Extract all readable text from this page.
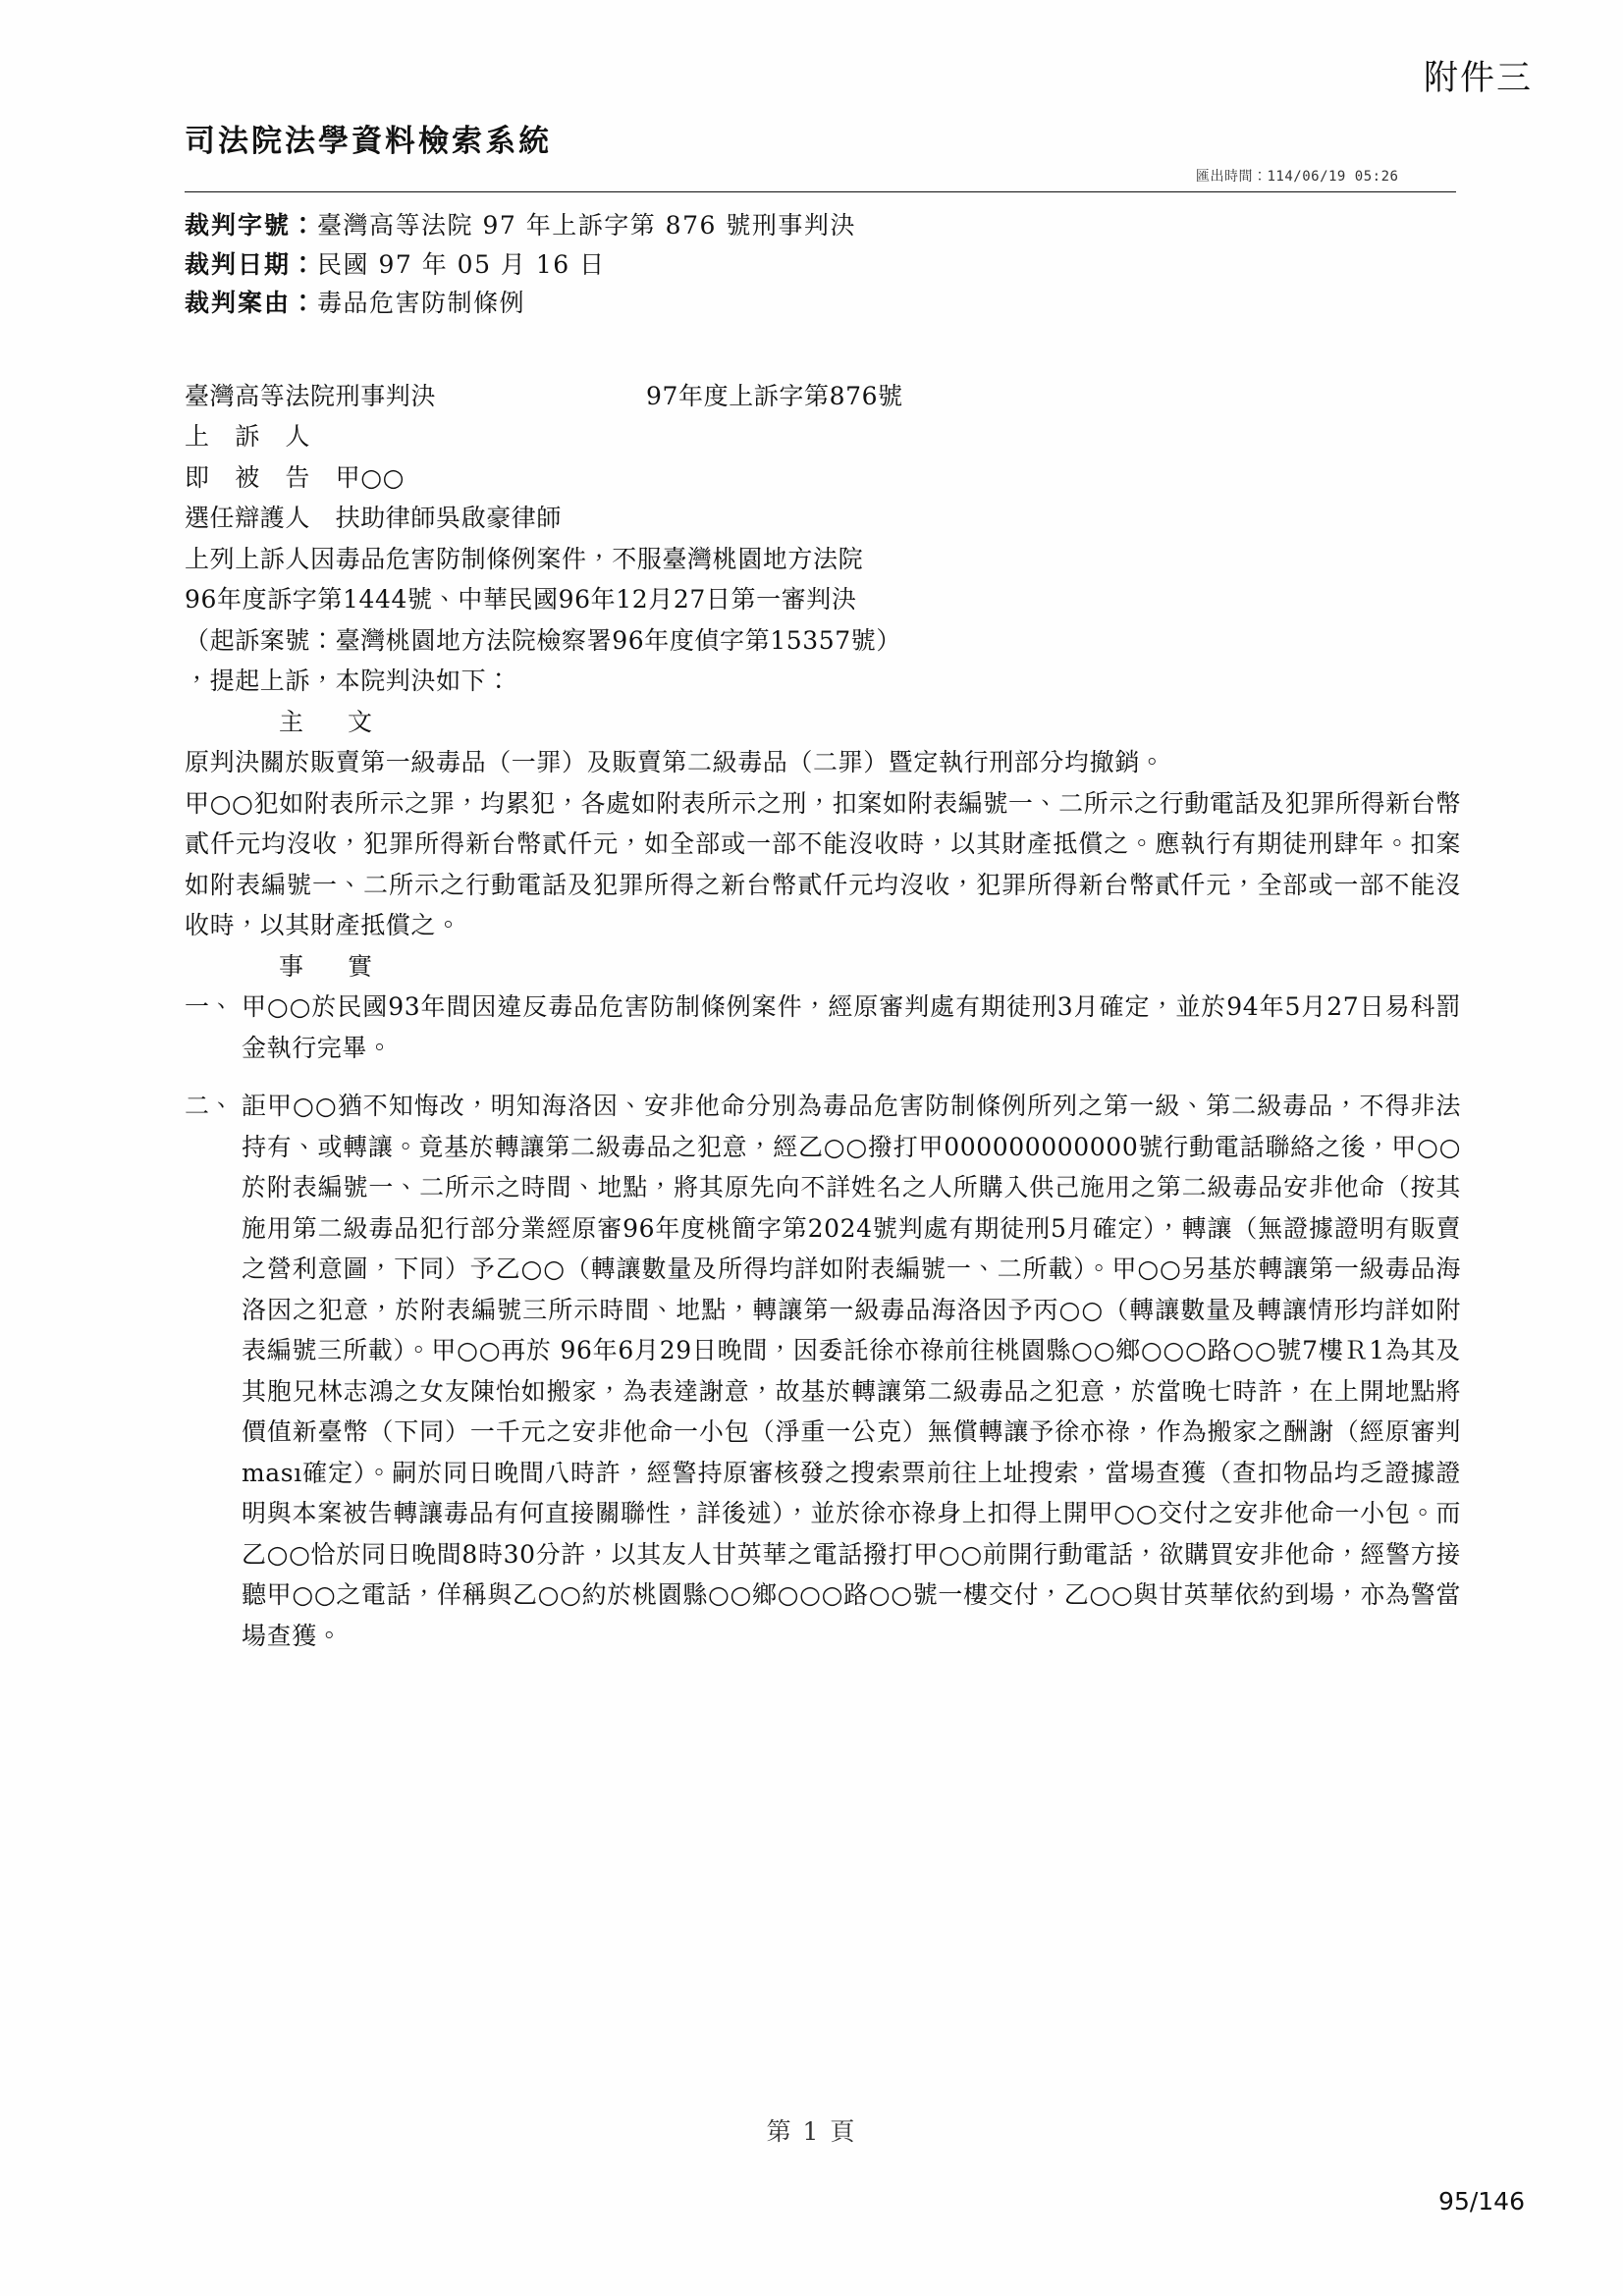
附件三
司法院法學資料檢索系統
匯出時間：114/06/19 05:26
裁判字號：臺灣高等法院 97 年上訴字第 876 號刑事判決
裁判日期：民國 97 年 05 月 16 日
裁判案由：毒品危害防制條例
臺灣高等法院刑事判決	97年度上訴字第876號
上　訴　人
即　被　告　甲○○
選任辯護人　扶助律師吳啟豪律師
上列上訴人因毒品危害防制條例案件，不服臺灣桃園地方法院
96年度訴字第1444號、中華民國96年12月27日第一審判決
（起訴案號：臺灣桃園地方法院檢察署96年度偵字第15357號）
，提起上訴，本院判決如下：
主　文
原判決關於販賣第一級毒品（一罪）及販賣第二級毒品（二罪）暨定執行刑部分均撤銷。
甲○○犯如附表所示之罪，均累犯，各處如附表所示之刑，扣案如附表編號一、二所示之行動電話及犯罪所得新台幣貳仟元均沒收，犯罪所得新台幣貳仟元，如全部或一部不能沒收時，以其財產抵償之。應執行有期徒刑肆年。扣案如附表編號一、二所示之行動電話及犯罪所得之新台幣貳仟元均沒收，犯罪所得新台幣貳仟元，全部或一部不能沒收時，以其財產抵償之。
事　實
一、 甲○○於民國93年間因違反毒品危害防制條例案件，經原審判處有期徒刑3月確定，並於94年5月27日易科罰金執行完畢。
二、 詎甲○○猶不知悔改，明知海洛因、安非他命分別為毒品危害防制條例所列之第一級、第二級毒品，不得非法持有、或轉讓。竟基於轉讓第二級毒品之犯意，經乙○○撥打甲000000000000號行動電話聯絡之後，甲○○於附表編號一、二所示之時間、地點，將其原先向不詳姓名之人所購入供己施用之第二級毒品安非他命（按其施用第二級毒品犯行部分業經原審96年度桃簡字第2024號判處有期徒刑5月確定），轉讓（無證據證明有販賣之營利意圖，下同）予乙○○（轉讓數量及所得均詳如附表編號一、二所載）。甲○○另基於轉讓第一級毒品海洛因之犯意，於附表編號三所示時間、地點，轉讓第一級毒品海洛因予丙○○（轉讓數量及轉讓情形均詳如附表編號三所載）。甲○○再於 96年6月29日晚間，因委託徐亦祿前往桃園縣○○鄉○○○路○○號7樓Ｒ1為其及其胞兄林志鴻之女友陳怡如搬家，為表達謝意，故基於轉讓第二級毒品之犯意，於當晚七時許，在上開地點將價值新臺幣（下同）一千元之安非他命一小包（淨重一公克）無償轉讓予徐亦祿，作為搬家之酬謝（經原審判ması確定）。嗣於同日晚間八時許，經警持原審核發之搜索票前往上址搜索，當場查獲（查扣物品均乏證據證明與本案被告轉讓毒品有何直接關聯性，詳後述），並於徐亦祿身上扣得上開甲○○交付之安非他命一小包。而乙○○恰於同日晚間8時30分許，以其友人甘英華之電話撥打甲○○前開行動電話，欲購買安非他命，經警方接聽甲○○之電話，佯稱與乙○○約於桃園縣○○鄉○○○路○○號一樓交付，乙○○與甘英華依約到場，亦為警當場查獲。
第 1 頁
95/146
